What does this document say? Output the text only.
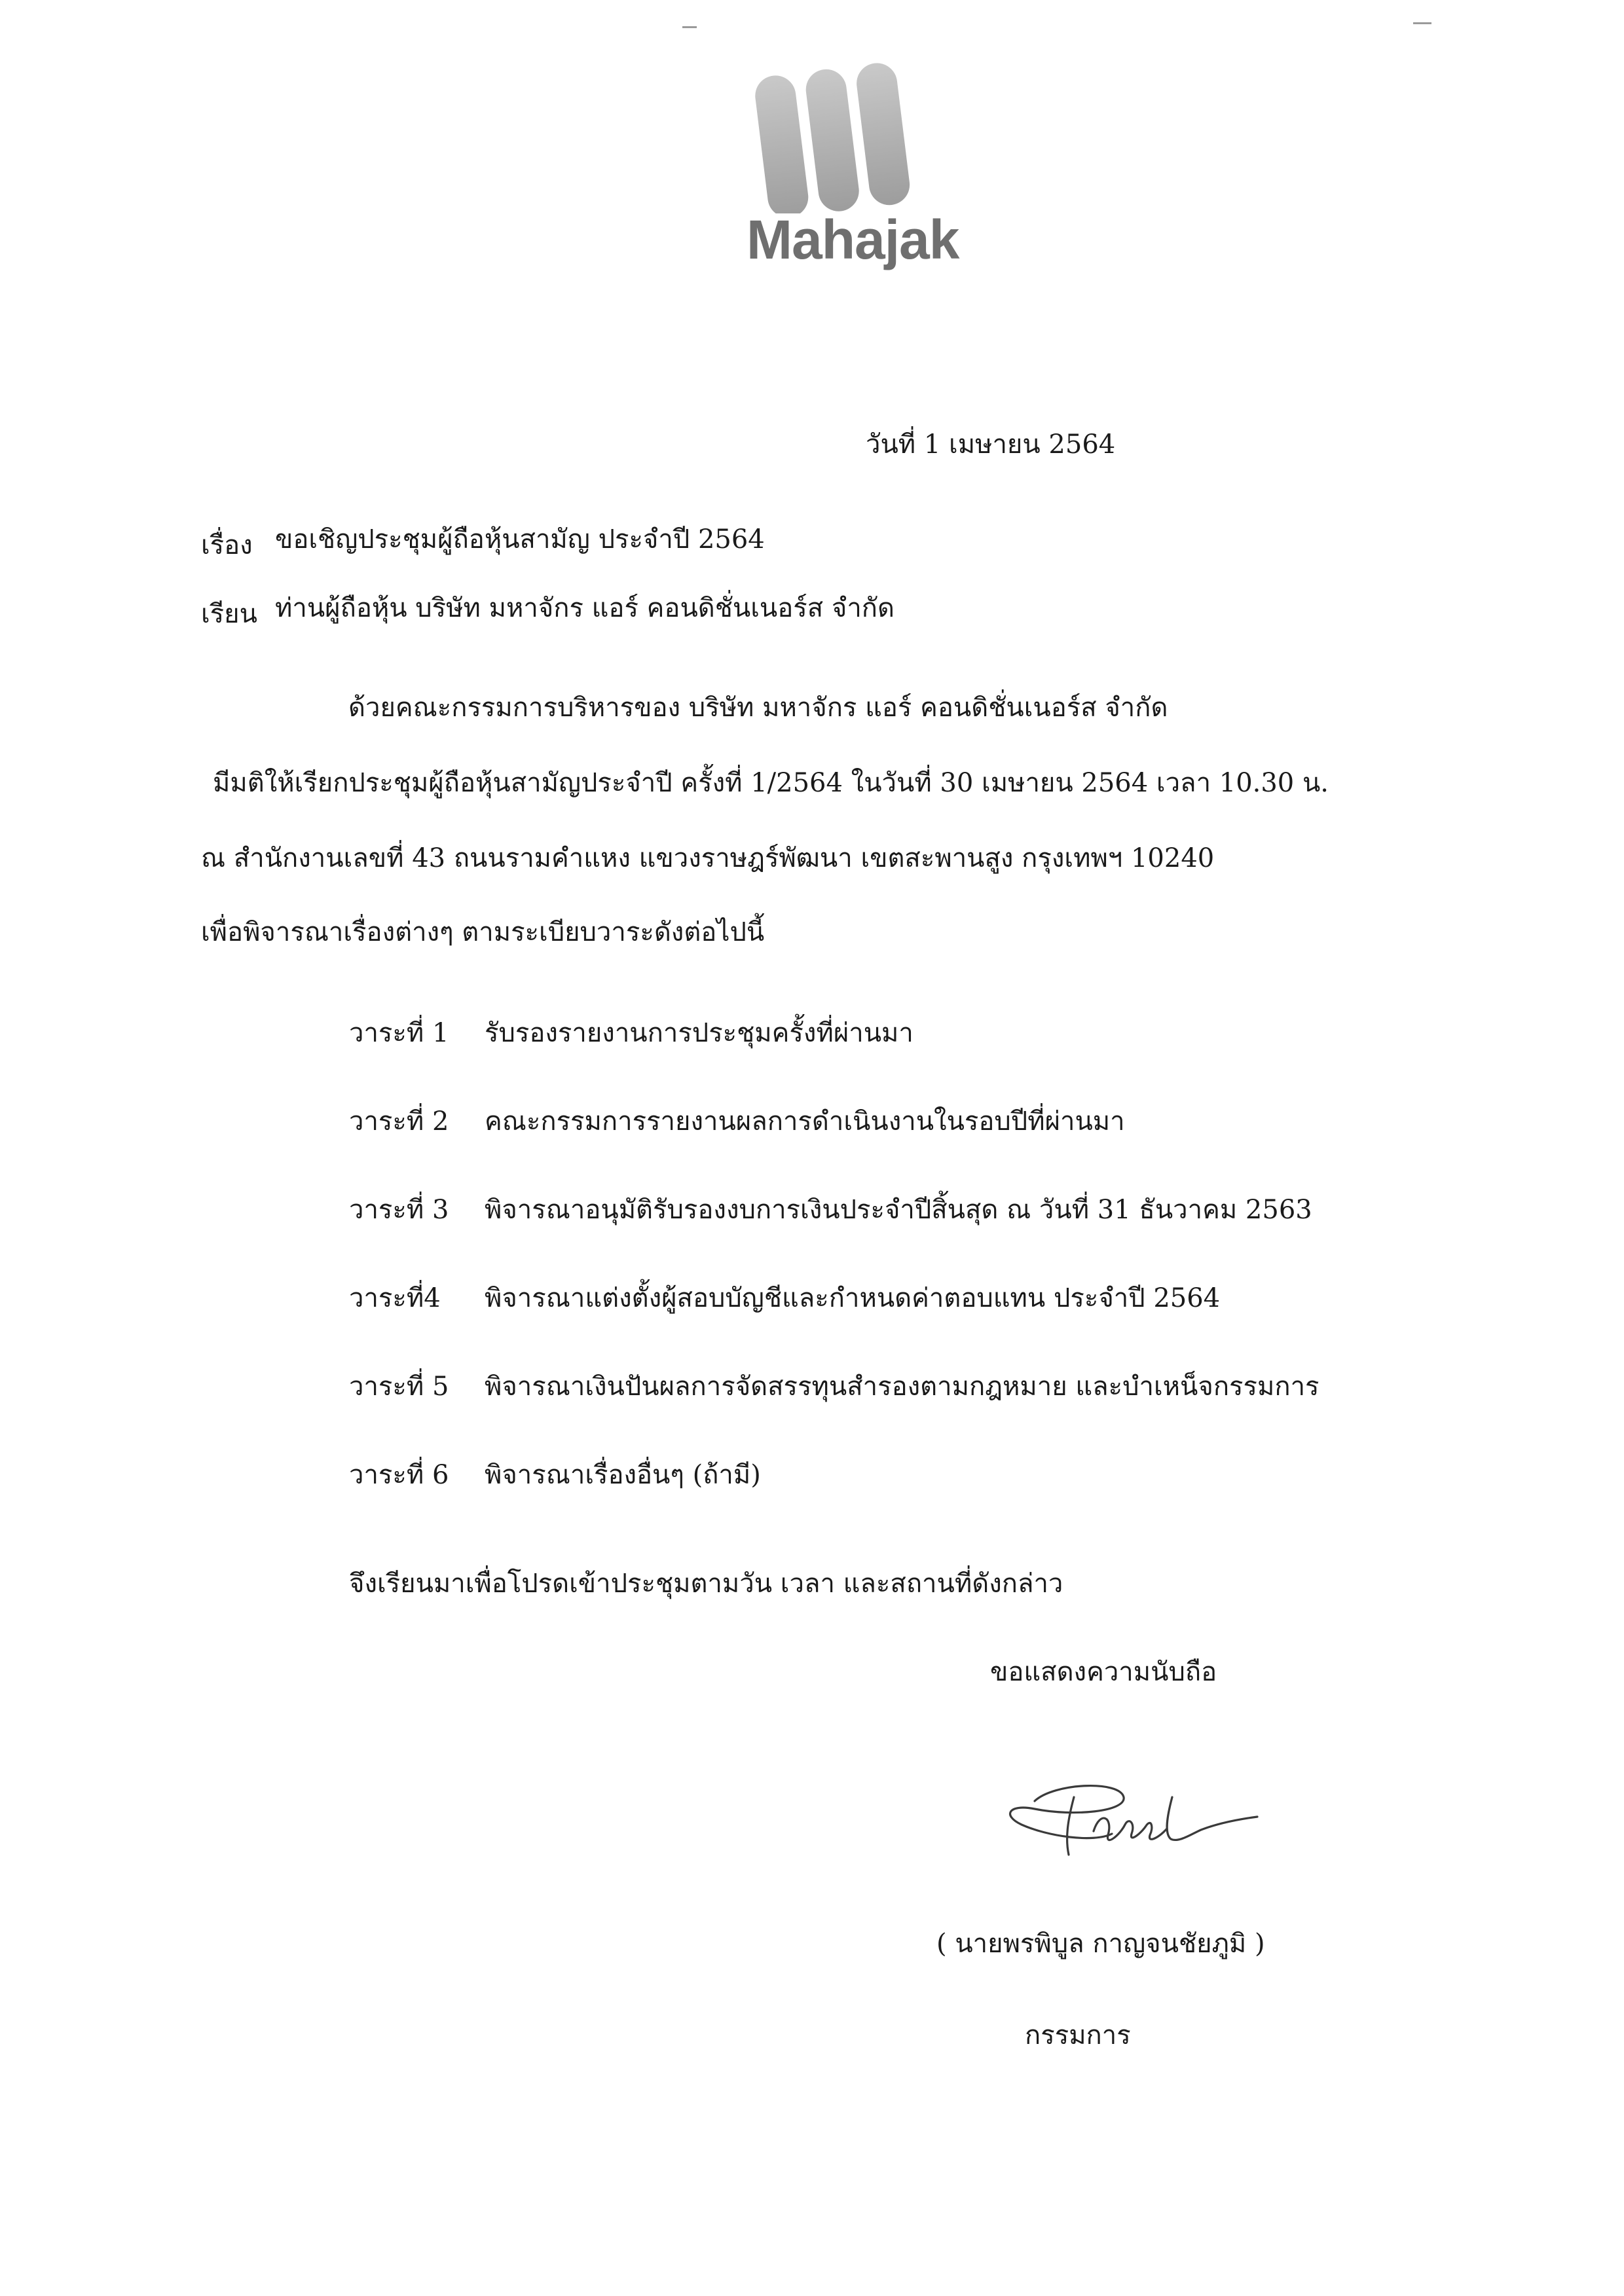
Mahajak
วันที่ 1 เมษายน 2564
เรื่อง ขอเชิญประชุมผู้ถือหุ้นสามัญ ประจำปี 2564
เรียน ท่านผู้ถือหุ้น บริษัท มหาจักร แอร์ คอนดิชั่นเนอร์ส จำกัด
ด้วยคณะกรรมการบริหารของ บริษัท มหาจักร แอร์ คอนดิชั่นเนอร์ส จำกัด
มีมติให้เรียกประชุมผู้ถือหุ้นสามัญประจำปี ครั้งที่ 1/2564 ในวันที่ 30 เมษายน 2564 เวลา 10.30 น.
ณ สำนักงานเลขที่ 43 ถนนรามคำแหง แขวงราษฎร์พัฒนา เขตสะพานสูง กรุงเทพฯ 10240
เพื่อพิจารณาเรื่องต่างๆ ตามระเบียบวาระดังต่อไปนี้
วาระที่ 1 รับรองรายงานการประชุมครั้งที่ผ่านมา
วาระที่ 2 คณะกรรมการรายงานผลการดำเนินงานในรอบปีที่ผ่านมา
วาระที่ 3 พิจารณาอนุมัติรับรองงบการเงินประจำปีสิ้นสุด ณ วันที่ 31 ธันวาคม 2563
วาระที่4 พิจารณาแต่งตั้งผู้สอบบัญชีและกำหนดค่าตอบแทน ประจำปี 2564
วาระที่ 5 พิจารณาเงินปันผลการจัดสรรทุนสำรองตามกฎหมาย และบำเหน็จกรรมการ
วาระที่ 6 พิจารณาเรื่องอื่นๆ (ถ้ามี)
จึงเรียนมาเพื่อโปรดเข้าประชุมตามวัน เวลา และสถานที่ดังกล่าว
ขอแสดงความนับถือ
( นายพรพิบูล กาญจนชัยภูมิ )
กรรมการ
